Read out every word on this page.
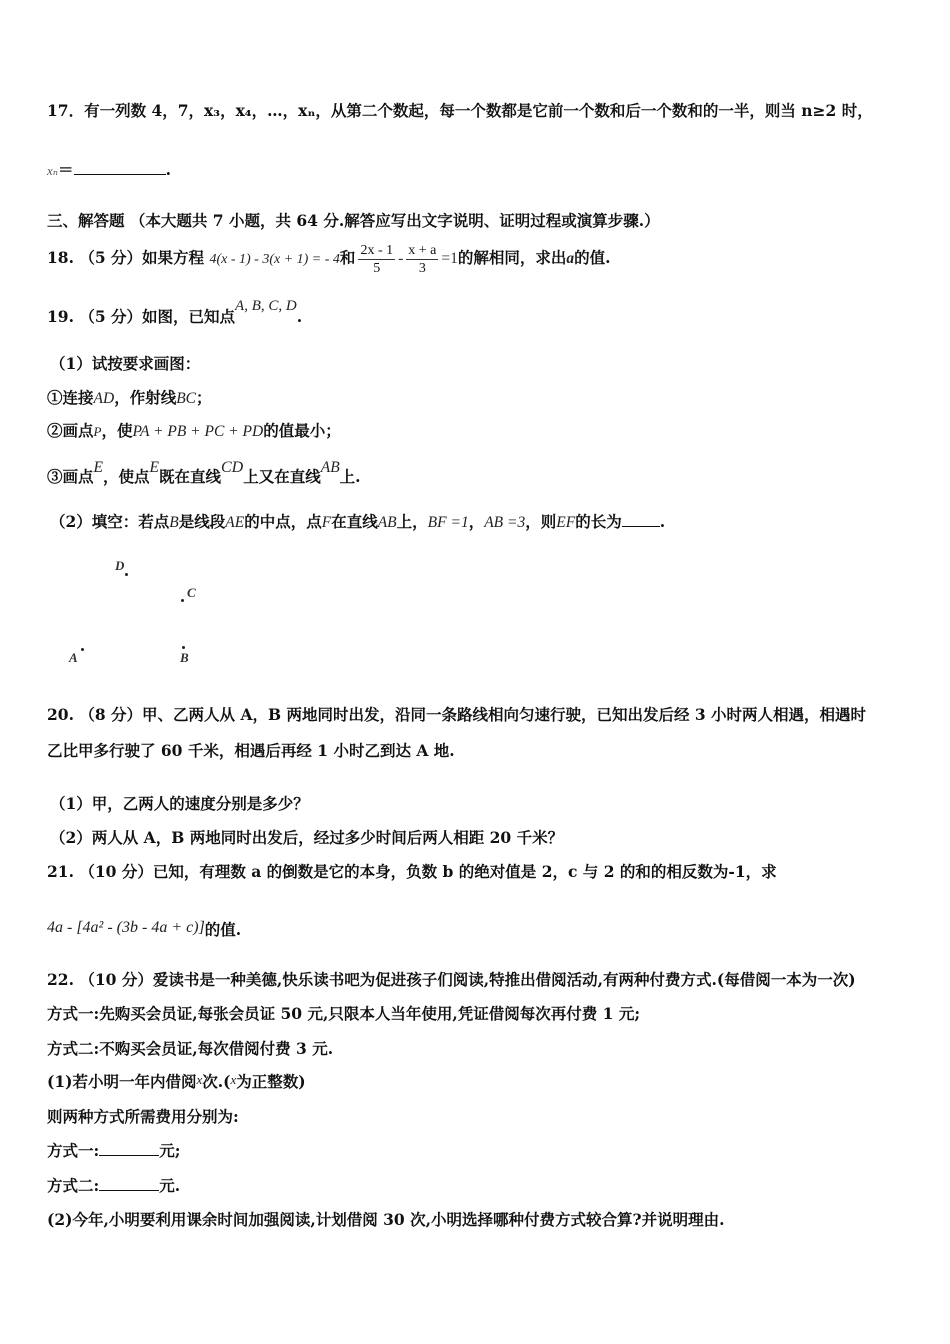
17．有一列数 4，7，x₃，x₄，…，xₙ，从第二个数起，每一个数都是它前一个数和后一个数和的一半，则当 n≥2 时，
xₙ＝	.
三、解答题 （本大题共 7 小题，共 64 分.解答应写出文字说明、证明过程或演算步骤.）
18. （5 分）如果方程 4(x - 1) - 3(x + 1) = - 4和 $\frac{2x - 1}{5} - \frac{x + a}{3} =1$的解相同，求出a的值.
19. （5 分）如图，已知点A, B, C, D.
（1）试按要求画图：
①连接AD，作射线BC；
②画点P，使PA + PB + PC + PD的值最小；
③画点E，使点E既在直线CD上又在直线AB上.
（2）填空：若点B是线段AE的中点，点F在直线AB上，BF =1，AB =3，则EF的长为 .
D
C
A	B
20. （8 分）甲、乙两人从 A，B 两地同时出发，沿同一条路线相向匀速行驶，已知出发后经 3 小时两人相遇，相遇时
乙比甲多行驶了 60 千米，相遇后再经 1 小时乙到达 A 地.
（1）甲，乙两人的速度分别是多少？
（2）两人从 A，B 两地同时出发后，经过多少时间后两人相距 20 千米？
21. （10 分）已知，有理数 a 的倒数是它的本身，负数 b 的绝对值是 2，c 与 2 的和的相反数为-1，求
4a - [4a² - (3b - 4a + c)]的值.
22. （10 分）爱读书是一种美德,快乐读书吧为促进孩子们阅读,特推出借阅活动,有两种付费方式.(每借阅一本为一次)
方式一:先购买会员证,每张会员证 50 元,只限本人当年使用,凭证借阅每次再付费 1 元;
方式二:不购买会员证,每次借阅付费 3 元.
(1)若小明一年内借阅x次.(x为正整数)
则两种方式所需费用分别为:
方式一:	元;
方式二:	元.
(2)今年,小明要利用课余时间加强阅读,计划借阅 30 次,小明选择哪种付费方式较合算?并说明理由.
